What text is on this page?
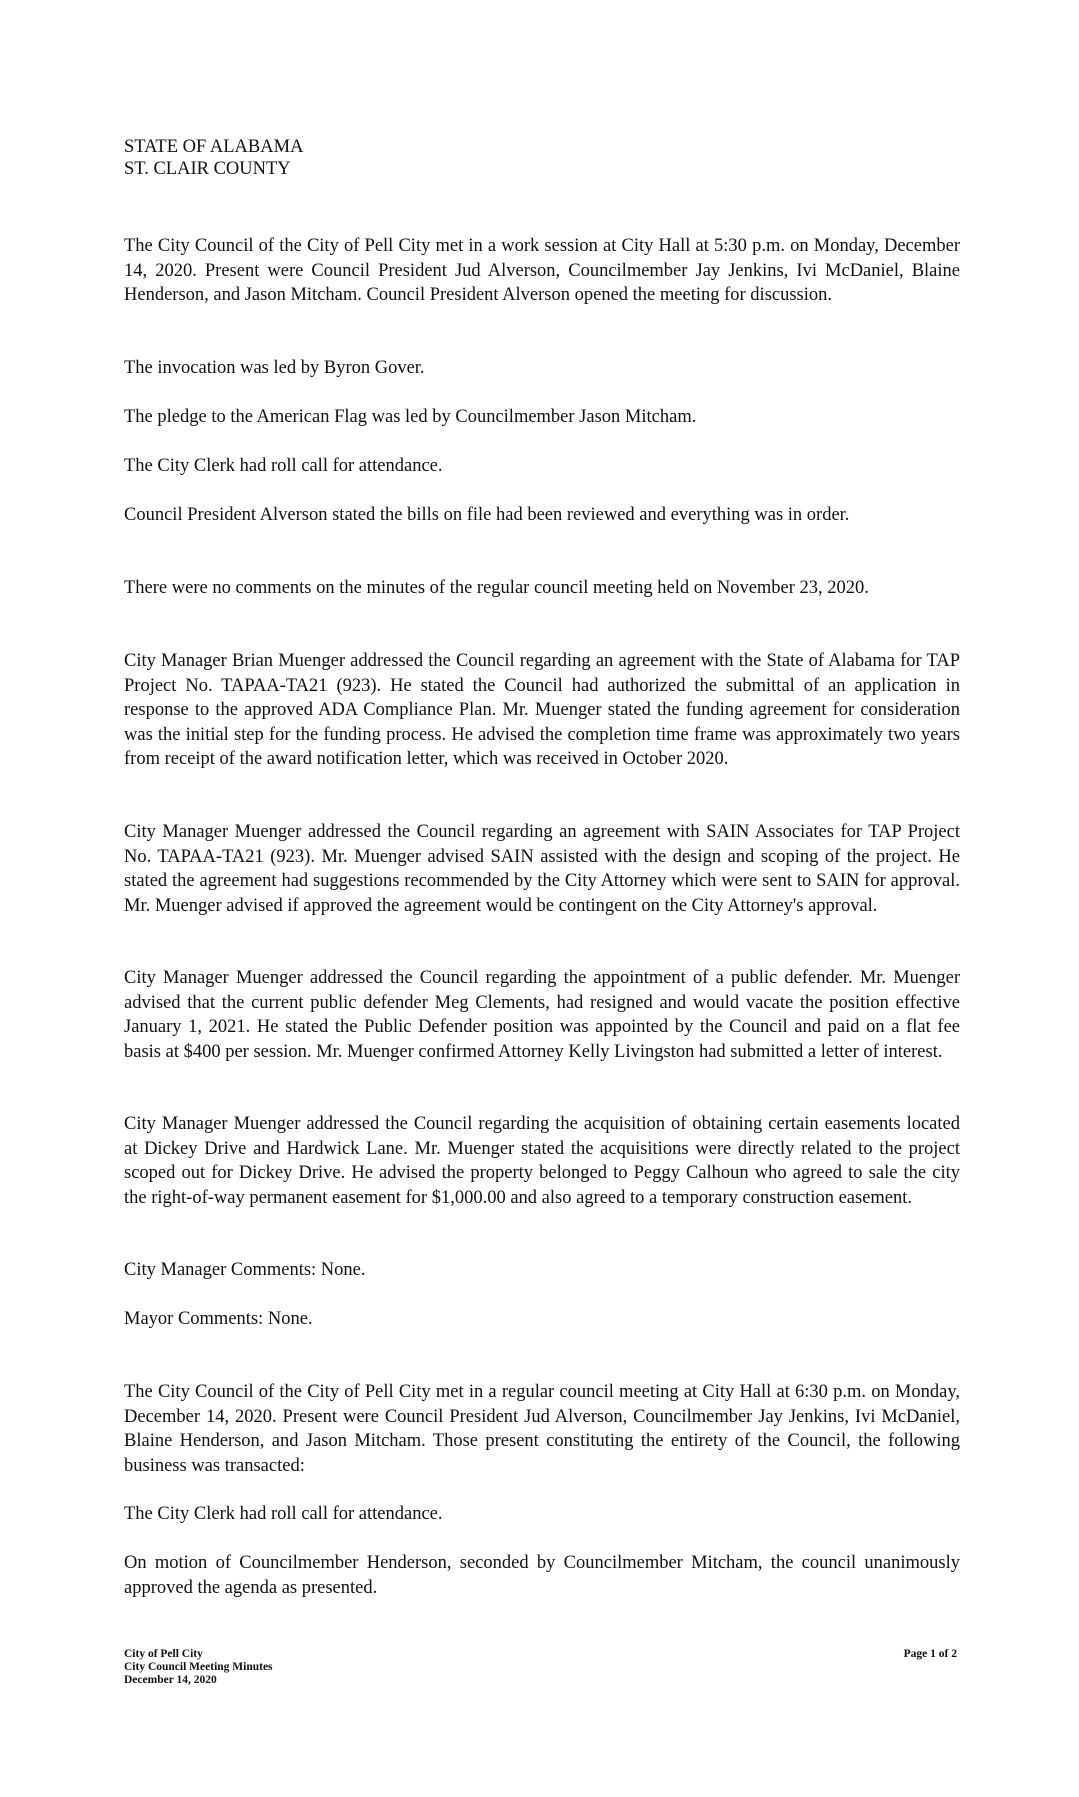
STATE OF ALABAMA
ST. CLAIR COUNTY

The City Council of the City of Pell City met in a work session at City Hall at 5:30 p.m. on Monday, December 14, 2020. Present were Council President Jud Alverson, Councilmember Jay Jenkins, Ivi McDaniel, Blaine Henderson, and Jason Mitcham. Council President Alverson opened the meeting for discussion.

The invocation was led by Byron Gover.

The pledge to the American Flag was led by Councilmember Jason Mitcham.

The City Clerk had roll call for attendance.

Council President Alverson stated the bills on file had been reviewed and everything was in order.

There were no comments on the minutes of the regular council meeting held on November 23, 2020.

City Manager Brian Muenger addressed the Council regarding an agreement with the State of Alabama for TAP Project No. TAPAA-TA21 (923). He stated the Council had authorized the submittal of an application in response to the approved ADA Compliance Plan. Mr. Muenger stated the funding agreement for consideration was the initial step for the funding process. He advised the completion time frame was approximately two years from receipt of the award notification letter, which was received in October 2020.

City Manager Muenger addressed the Council regarding an agreement with SAIN Associates for TAP Project No. TAPAA-TA21 (923). Mr. Muenger advised SAIN assisted with the design and scoping of the project. He stated the agreement had suggestions recommended by the City Attorney which were sent to SAIN for approval. Mr. Muenger advised if approved the agreement would be contingent on the City Attorney's approval.

City Manager Muenger addressed the Council regarding the appointment of a public defender. Mr. Muenger advised that the current public defender Meg Clements, had resigned and would vacate the position effective January 1, 2021. He stated the Public Defender position was appointed by the Council and paid on a flat fee basis at $400 per session. Mr. Muenger confirmed Attorney Kelly Livingston had submitted a letter of interest.

City Manager Muenger addressed the Council regarding the acquisition of obtaining certain easements located at Dickey Drive and Hardwick Lane. Mr. Muenger stated the acquisitions were directly related to the project scoped out for Dickey Drive. He advised the property belonged to Peggy Calhoun who agreed to sale the city the right-of-way permanent easement for $1,000.00 and also agreed to a temporary construction easement.

City Manager Comments: None.

Mayor Comments: None.

The City Council of the City of Pell City met in a regular council meeting at City Hall at 6:30 p.m. on Monday, December 14, 2020. Present were Council President Jud Alverson, Councilmember Jay Jenkins, Ivi McDaniel, Blaine Henderson, and Jason Mitcham. Those present constituting the entirety of the Council, the following business was transacted:

The City Clerk had roll call for attendance.

On motion of Councilmember Henderson, seconded by Councilmember Mitcham, the council unanimously approved the agenda as presented.

City of Pell City
City Council Meeting Minutes
December 14, 2020
Page 1 of 2
